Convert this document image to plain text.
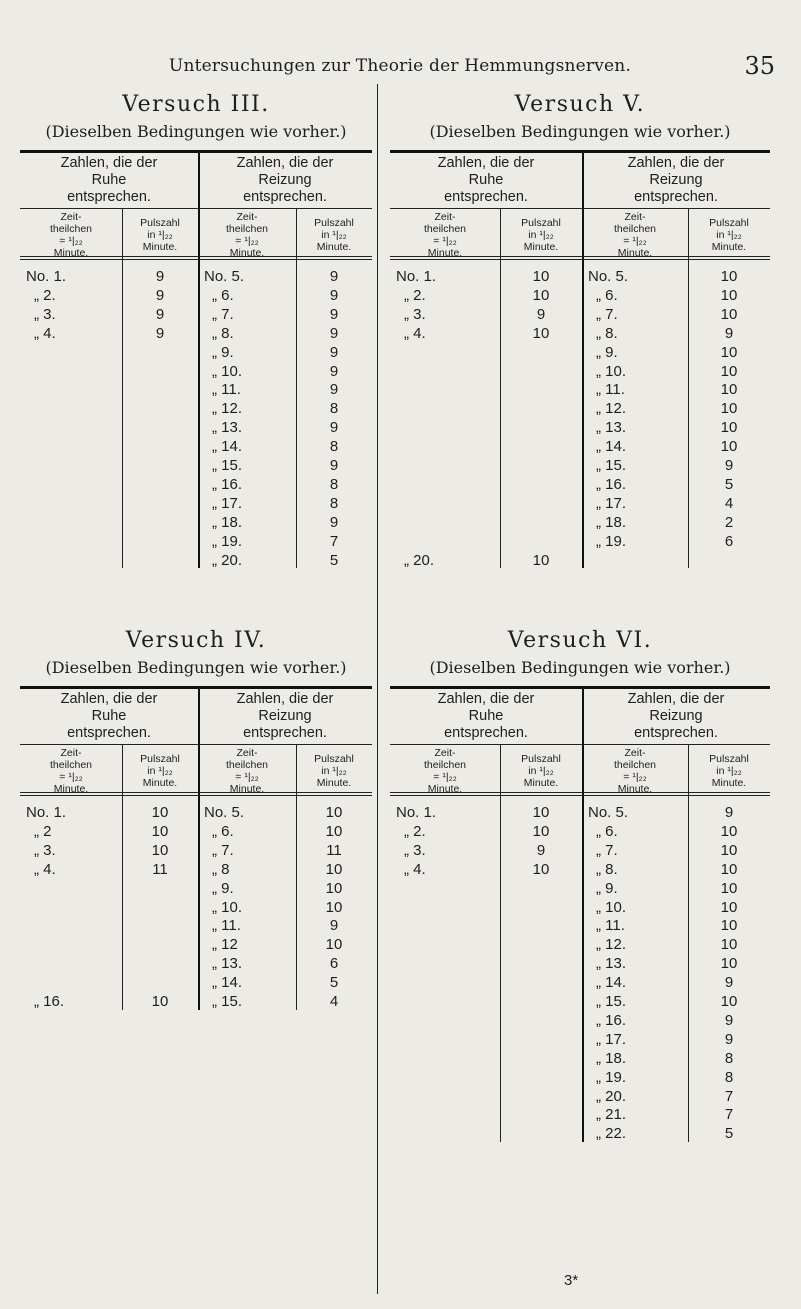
Untersuchungen zur Theorie der Hemmungsnerven.	35
Versuch III.
(Dieselben Bedingungen wie vorher.)
Zahlen, die der
Ruhe
entsprechen.
Zahlen, die der
Reizung
entsprechen.
Zeit-
theilchen
= ¹|₂₂
Minute.
Pulszahl
in ¹|₂₂
Minute.
Zeit-
theilchen
= ¹|₂₂
Minute.
Pulszahl
in ¹|₂₂
Minute.
No. 1.	9
„ 2.	9
„ 3.	9
„ 4.	9
No. 5.	9
„ 6.	9
„ 7.	9
„ 8.	9
„ 9.	9
„ 10.	9
„ 11.	9
„ 12.	8
„ 13.	9
„ 14.	8
„ 15.	9
„ 16.	8
„ 17.	8
„ 18.	9
„ 19.	7
„ 20.	5
Versuch V.
(Dieselben Bedingungen wie vorher.)
Zahlen, die der
Ruhe
entsprechen.
Zahlen, die der
Reizung
entsprechen.
Zeit-
theilchen
= ¹|₂₂
Minute.
Pulszahl
in ¹|₂₂
Minute.
Zeit-
theilchen
= ¹|₂₂
Minute.
Pulszahl
in ¹|₂₂
Minute.
No. 1.	10
„ 2.	10
„ 3.	9
„ 4.	10
„ 20.	10
No. 5.	10
„ 6.	10
„ 7.	10
„ 8.	9
„ 9.	10
„ 10.	10
„ 11.	10
„ 12.	10
„ 13.	10
„ 14.	10
„ 15.	9
„ 16.	5
„ 17.	4
„ 18.	2
„ 19.	6
Versuch IV.
(Dieselben Bedingungen wie vorher.)
Zahlen, die der
Ruhe
entsprechen.
Zahlen, die der
Reizung
entsprechen.
Zeit-
theilchen
= ¹|₂₂
Minute.
Pulszahl
in ¹|₂₂
Minute.
Zeit-
theilchen
= ¹|₂₂
Minute.
Pulszahl
in ¹|₂₂
Minute.
No. 1.	10
„ 2	10
„ 3.	10
„ 4.	11
„ 16.	10
No. 5.	10
„ 6.	10
„ 7.	11
„ 8	10
„ 9.	10
„ 10.	10
„ 11.	9
„ 12	10
„ 13.	6
„ 14.	5
„ 15.	4
Versuch VI.
(Dieselben Bedingungen wie vorher.)
Zahlen, die der
Ruhe
entsprechen.
Zahlen, die der
Reizung
entsprechen.
Zeit-
theilchen
= ¹|₂₂
Minute.
Pulszahl
in ¹|₂₂
Minute.
Zeit-
theilchen
= ¹|₂₂
Minute.
Pulszahl
in ¹|₂₂
Minute.
No. 1.	10
„ 2.	10
„ 3.	9
„ 4.	10
No. 5.	9
„ 6.	10
„ 7.	10
„ 8.	10
„ 9.	10
„ 10.	10
„ 11.	10
„ 12.	10
„ 13.	10
„ 14.	9
„ 15.	10
„ 16.	9
„ 17.	9
„ 18.	8
„ 19.	8
„ 20.	7
„ 21.	7
„ 22.	5
3*
